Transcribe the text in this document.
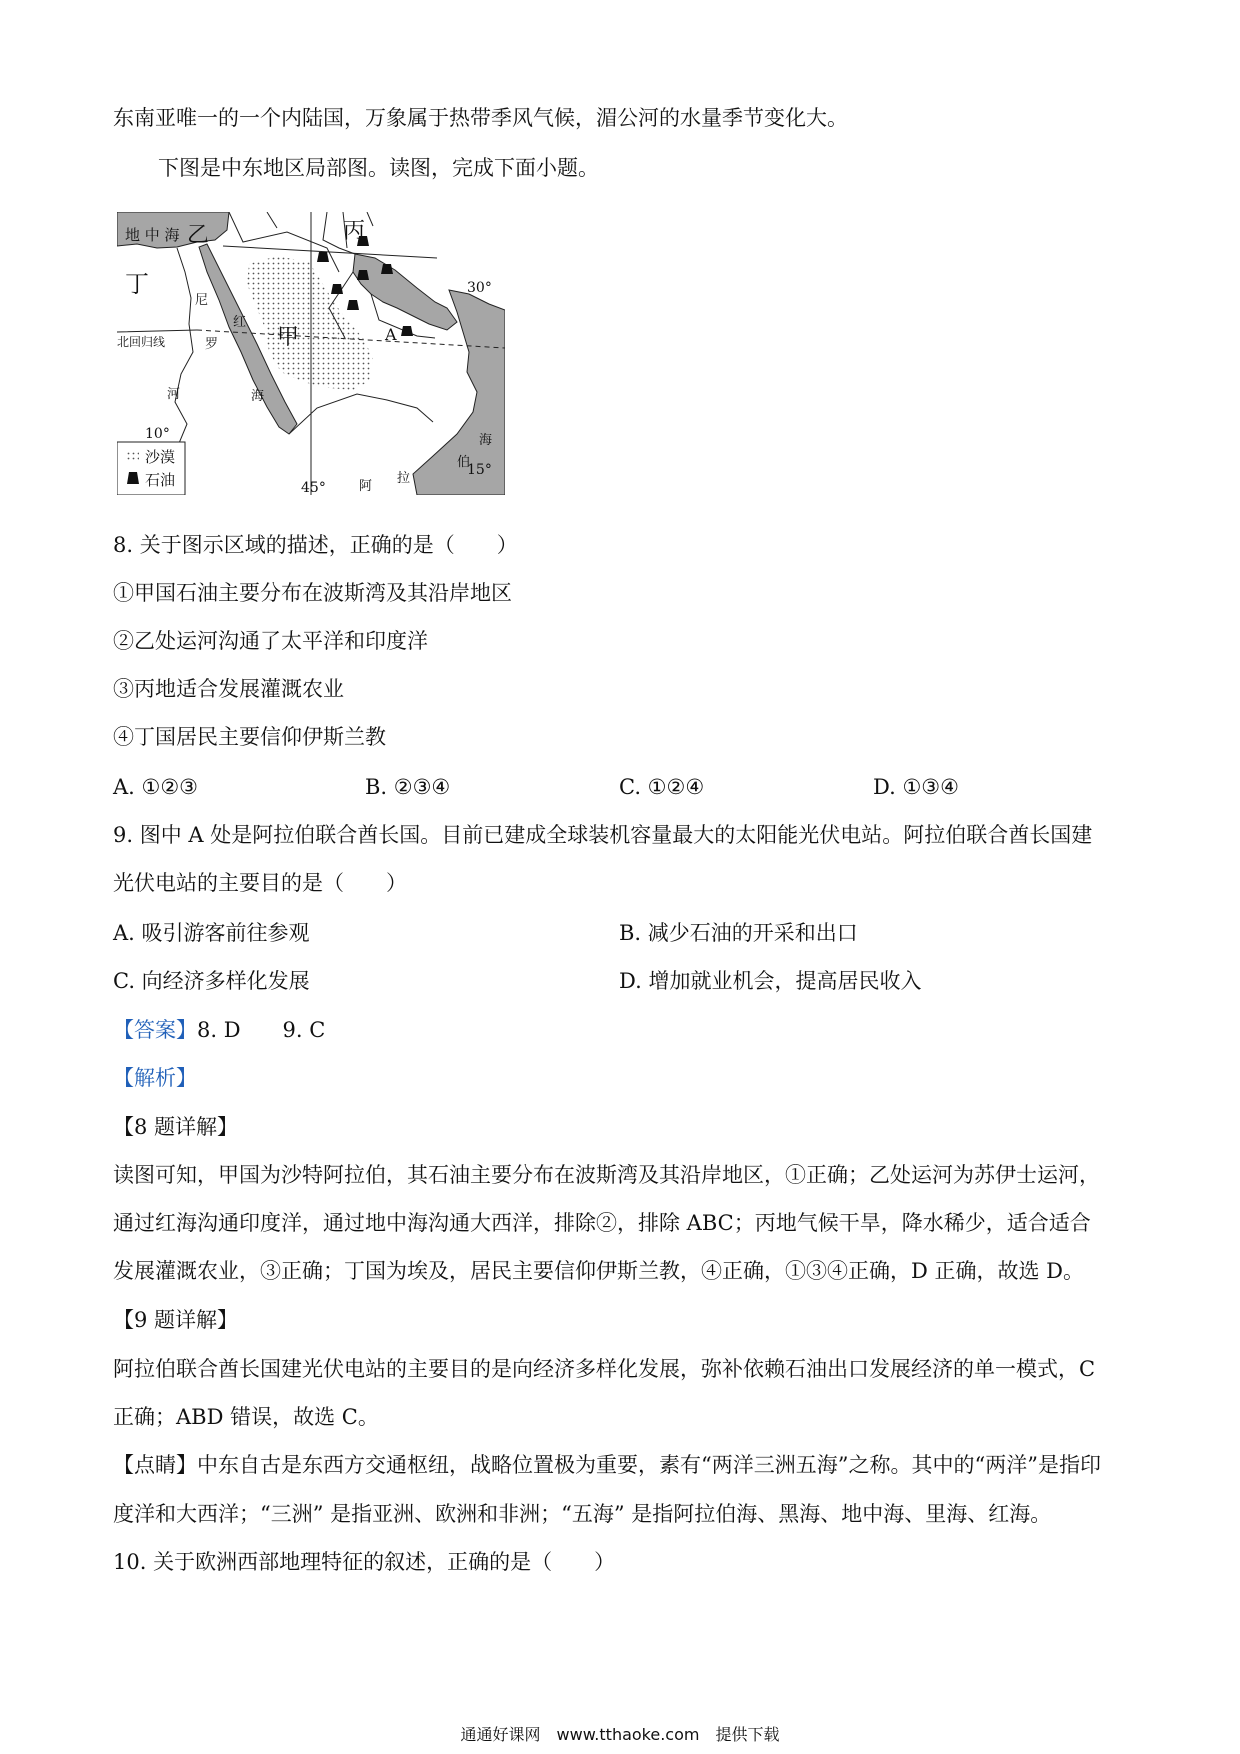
东南亚唯一的一个内陆国，万象属于热带季风气候，湄公河的水量季节变化大。
下图是中东地区局部图。读图，完成下面小题。
地 中 海 乙	丙
丁
甲	A
尼
罗
河
红
海
北回归线
30°
10°
15°
45°
海
伯
拉
阿
沙漠
石油
8. 关于图示区域的描述，正确的是（　　）
①甲国石油主要分布在波斯湾及其沿岸地区
②乙处运河沟通了太平洋和印度洋
③丙地适合发展灌溉农业
④丁国居民主要信仰伊斯兰教
A. ①②③	B. ②③④	C. ①②④	D. ①③④
9. 图中 A 处是阿拉伯联合酋长国。目前已建成全球装机容量最大的太阳能光伏电站。阿拉伯联合酋长国建
光伏电站的主要目的是（　　）
A. 吸引游客前往参观	B. 减少石油的开采和出口
C. 向经济多样化发展	D. 增加就业机会，提高居民收入
【答案】8. D　　9. C
【解析】
【8 题详解】
读图可知，甲国为沙特阿拉伯，其石油主要分布在波斯湾及其沿岸地区，①正确；乙处运河为苏伊士运河，
通过红海沟通印度洋，通过地中海沟通大西洋，排除②，排除 ABC；丙地气候干旱，降水稀少，适合适合
发展灌溉农业，③正确；丁国为埃及，居民主要信仰伊斯兰教，④正确，①③④正确，D 正确，故选 D。
【9 题详解】
阿拉伯联合酋长国建光伏电站的主要目的是向经济多样化发展，弥补依赖石油出口发展经济的单一模式，C
正确；ABD 错误，故选 C。
【点睛】中东自古是东西方交通枢纽，战略位置极为重要，素有“两洋三洲五海”之称。其中的“两洋”是指印
度洋和大西洋；“三洲” 是指亚洲、欧洲和非洲；“五海” 是指阿拉伯海、黑海、地中海、里海、红海。
10. 关于欧洲西部地理特征的叙述，正确的是（　　）
通通好课网　www.tthaoke.com　提供下载
